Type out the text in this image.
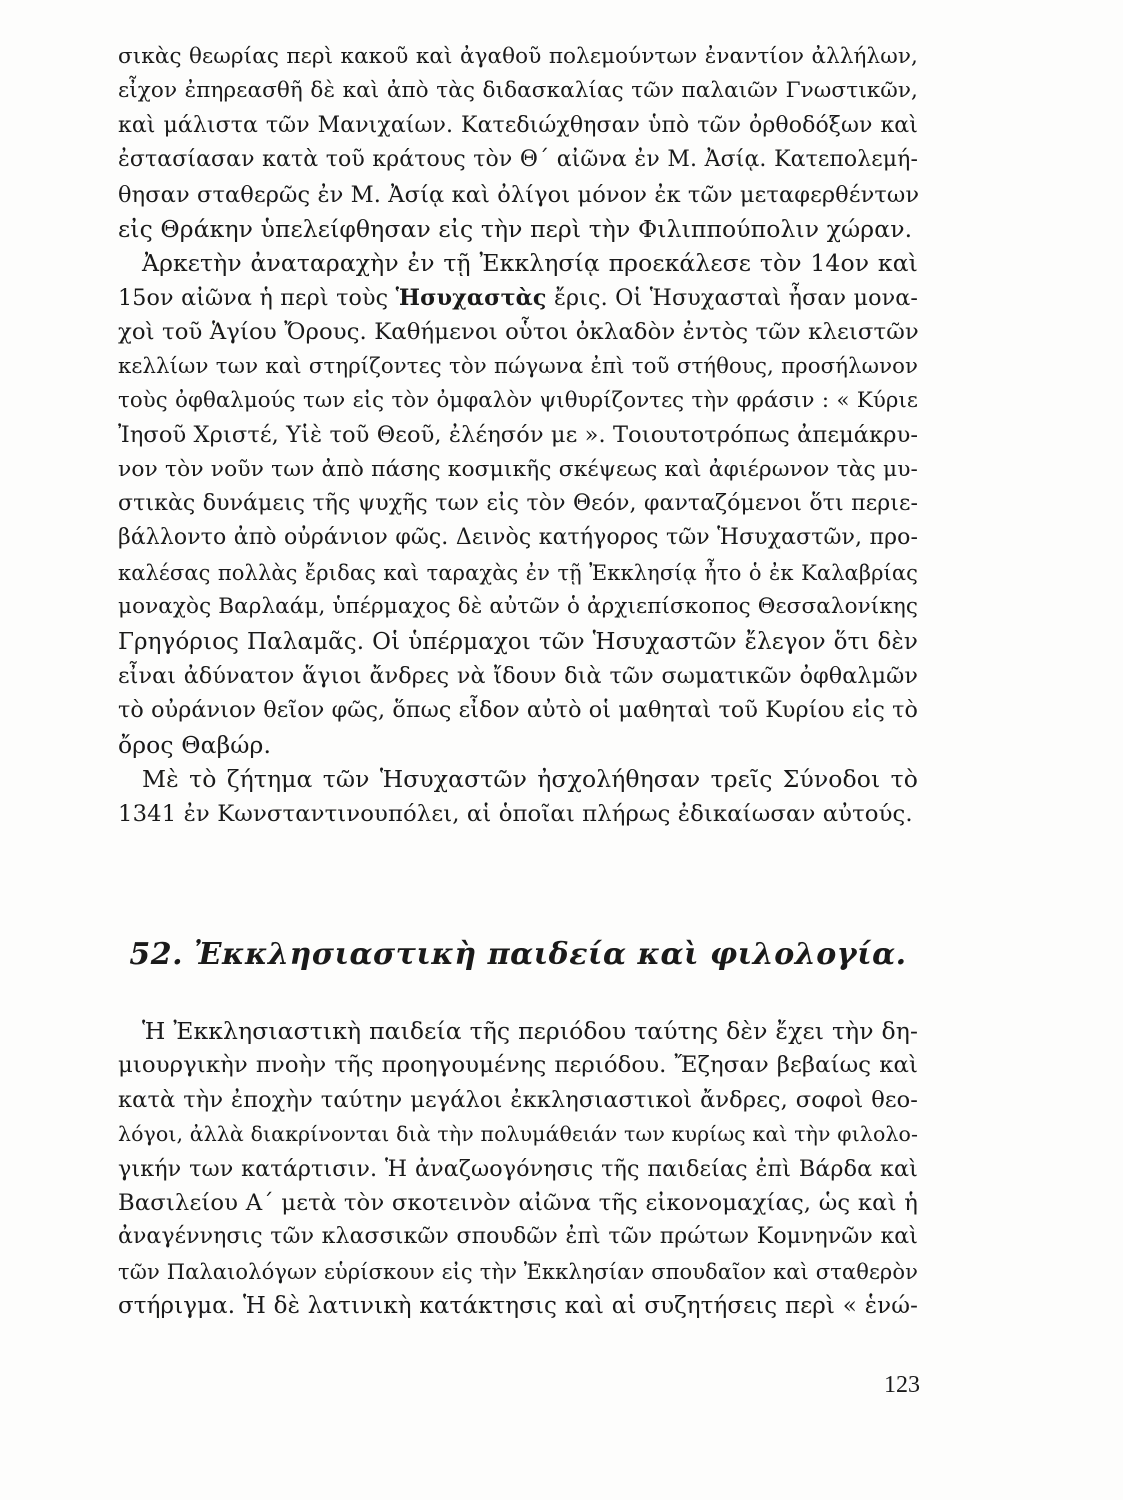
σικὰς θεωρίας περὶ κακοῦ καὶ ἀγαθοῦ πολεμούντων ἐναντίον ἀλλήλων,
εἶχον ἐπηρεασθῆ δὲ καὶ ἀπὸ τὰς διδασκαλίας τῶν παλαιῶν Γνωστικῶν,
καὶ μάλιστα τῶν Μανιχαίων. Κατεδιώχθησαν ὑπὸ τῶν ὀρθοδόξων καὶ
ἐστασίασαν κατὰ τοῦ κράτους τὸν Θ΄ αἰῶνα ἐν Μ. Ἀσίᾳ. Κατεπολεμή-
θησαν σταθερῶς ἐν Μ. Ἀσίᾳ καὶ ὀλίγοι μόνον ἐκ τῶν μεταφερθέντων
εἰς Θράκην ὑπελείφθησαν εἰς τὴν περὶ τὴν Φιλιππούπολιν χώραν.
Ἀρκετὴν ἀναταραχὴν ἐν τῇ Ἐκκλησίᾳ προεκάλεσε τὸν 14ον καὶ
15ον αἰῶνα ἡ περὶ τοὺς Ἡσυχαστὰς ἔρις. Οἱ Ἡσυχασταὶ ἦσαν μονα-
χοὶ τοῦ Ἁγίου Ὄρους. Καθήμενοι οὗτοι ὀκλαδὸν ἐντὸς τῶν κλειστῶν
κελλίων των καὶ στηρίζοντες τὸν πώγωνα ἐπὶ τοῦ στήθους, προσήλωνον
τοὺς ὀφθαλμούς των εἰς τὸν ὀμφαλὸν ψιθυρίζοντες τὴν φράσιν : « Κύριε
Ἰησοῦ Χριστέ, Υἱὲ τοῦ Θεοῦ, ἐλέησόν με ». Τοιουτοτρόπως ἀπεμάκρυ-
νον τὸν νοῦν των ἀπὸ πάσης κοσμικῆς σκέψεως καὶ ἀφιέρωνον τὰς μυ-
στικὰς δυνάμεις τῆς ψυχῆς των εἰς τὸν Θεόν, φανταζόμενοι ὅτι περιε-
βάλλοντο ἀπὸ οὐράνιον φῶς. Δεινὸς κατήγορος τῶν Ἡσυχαστῶν, προ-
καλέσας πολλὰς ἔριδας καὶ ταραχὰς ἐν τῇ Ἐκκλησίᾳ ἦτο ὁ ἐκ Καλαβρίας
μοναχὸς Βαρλαάμ, ὑπέρμαχος δὲ αὐτῶν ὁ ἀρχιεπίσκοπος Θεσσαλονίκης
Γρηγόριος Παλαμᾶς. Οἱ ὑπέρμαχοι τῶν Ἡσυχαστῶν ἔλεγον ὅτι δὲν
εἶναι ἀδύνατον ἅγιοι ἄνδρες νὰ ἴδουν διὰ τῶν σωματικῶν ὀφθαλμῶν
τὸ οὐράνιον θεῖον φῶς, ὅπως εἶδον αὐτὸ οἱ μαθηταὶ τοῦ Κυρίου εἰς τὸ
ὄρος Θαβώρ.
Μὲ τὸ ζήτημα τῶν Ἡσυχαστῶν ἠσχολήθησαν τρεῖς Σύνοδοι τὸ
1341 ἐν Κωνσταντινουπόλει, αἱ ὁποῖαι πλήρως ἐδικαίωσαν αὐτούς.
52. Ἐκκλησιαστικὴ παιδεία καὶ φιλολογία.
Ἡ Ἐκκλησιαστικὴ παιδεία τῆς περιόδου ταύτης δὲν ἔχει τὴν δη-
μιουργικὴν πνοὴν τῆς προηγουμένης περιόδου. Ἔζησαν βεβαίως καὶ
κατὰ τὴν ἐποχὴν ταύτην μεγάλοι ἐκκλησιαστικοὶ ἄνδρες, σοφοὶ θεο-
λόγοι, ἀλλὰ διακρίνονται διὰ τὴν πολυμάθειάν των κυρίως καὶ τὴν φιλολο-
γικήν των κατάρτισιν. Ἡ ἀναζωογόνησις τῆς παιδείας ἐπὶ Βάρδα καὶ
Βασιλείου Α΄ μετὰ τὸν σκοτεινὸν αἰῶνα τῆς εἰκονομαχίας, ὡς καὶ ἡ
ἀναγέννησις τῶν κλασσικῶν σπουδῶν ἐπὶ τῶν πρώτων Κομνηνῶν καὶ
τῶν Παλαιολόγων εὑρίσκουν εἰς τὴν Ἐκκλησίαν σπουδαῖον καὶ σταθερὸν
στήριγμα. Ἡ δὲ λατινικὴ κατάκτησις καὶ αἱ συζητήσεις περὶ « ἑνώ-
123
